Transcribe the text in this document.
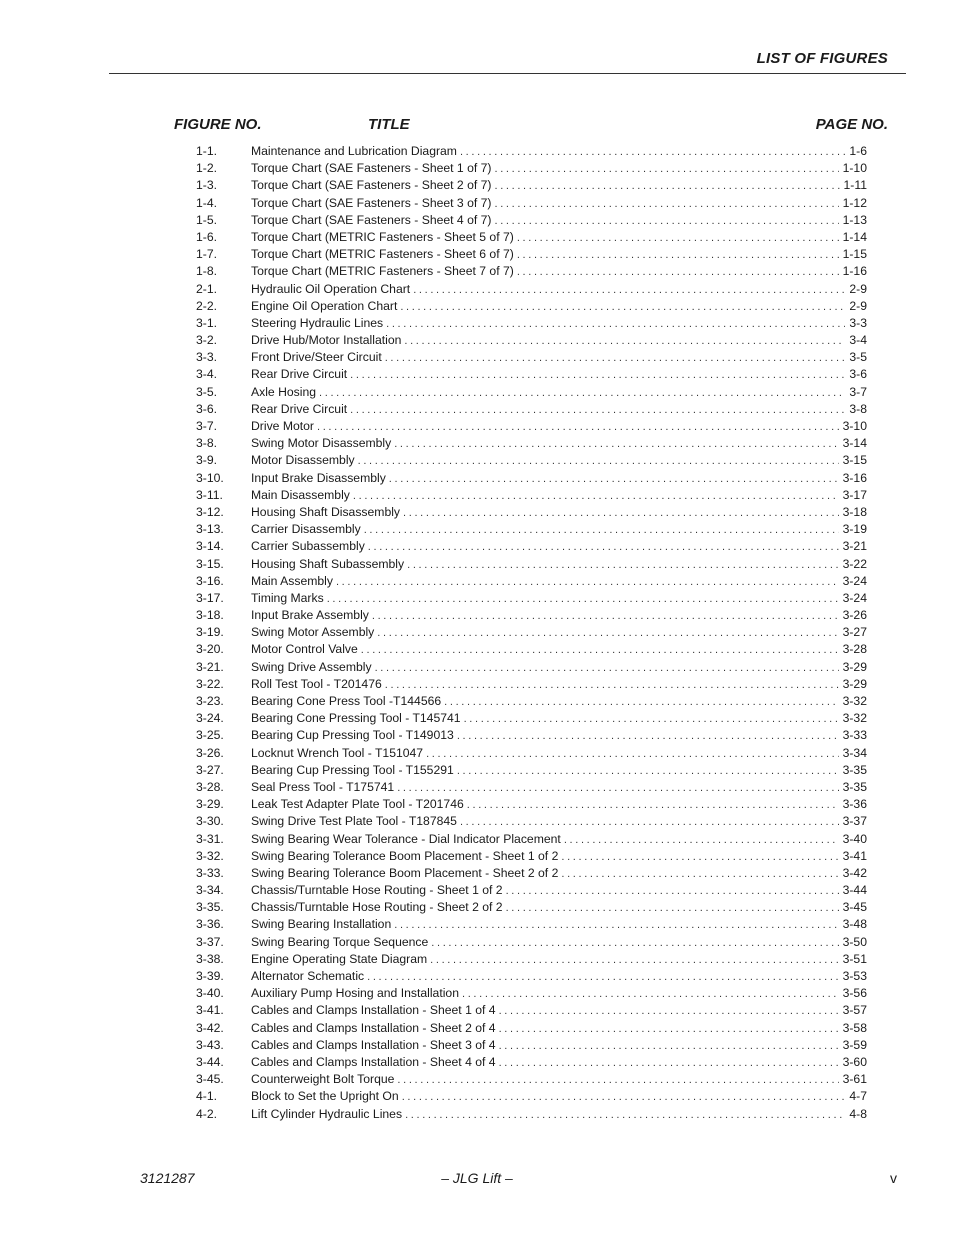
LIST OF FIGURES
FIGURE NO.	TITLE	PAGE NO.
1-1.	Maintenance and Lubrication Diagram . . .	1-6
1-2.	Torque Chart (SAE Fasteners - Sheet 1 of 7) . . .	1-10
1-3.	Torque Chart (SAE Fasteners - Sheet 2 of 7) . . .	1-11
1-4.	Torque Chart (SAE Fasteners - Sheet 3 of 7) . . .	1-12
1-5.	Torque Chart (SAE Fasteners - Sheet 4 of 7) . . .	1-13
1-6.	Torque Chart (METRIC Fasteners - Sheet 5 of 7) . . .	1-14
1-7.	Torque Chart (METRIC Fasteners - Sheet 6 of 7) . . .	1-15
1-8.	Torque Chart (METRIC Fasteners - Sheet 7 of 7) . . .	1-16
2-1.	Hydraulic Oil Operation Chart . . .	2-9
2-2.	Engine Oil Operation Chart . . .	2-9
3-1.	Steering Hydraulic Lines . . .	3-3
3-2.	Drive Hub/Motor Installation . . .	3-4
3-3.	Front Drive/Steer Circuit . . .	3-5
3-4.	Rear Drive Circuit . . .	3-6
3-5.	Axle Hosing . . .	3-7
3-6.	Rear Drive Circuit . . .	3-8
3-7.	Drive Motor . . .	3-10
3-8.	Swing Motor Disassembly . . .	3-14
3-9.	Motor Disassembly . . .	3-15
3-10. Input Brake Disassembly . . .	3-16
3-11. Main Disassembly . . .	3-17
3-12. Housing Shaft Disassembly . . .	3-18
3-13. Carrier Disassembly . . .	3-19
3-14. Carrier Subassembly . . .	3-21
3-15. Housing Shaft Subassembly . . .	3-22
3-16. Main Assembly . . .	3-24
3-17. Timing Marks . . .	3-24
3-18. Input Brake Assembly . . .	3-26
3-19. Swing Motor Assembly . . .	3-27
3-20. Motor Control Valve . . .	3-28
3-21. Swing Drive Assembly . . .	3-29
3-22. Roll Test Tool - T201476 . . .	3-29
3-23. Bearing Cone Press Tool -T144566 . . .	3-32
3-24. Bearing Cone Pressing Tool - T145741 . . .	3-32
3-25. Bearing Cup Pressing Tool - T149013 . . .	3-33
3-26. Locknut Wrench Tool - T151047 . . .	3-34
3-27. Bearing Cup Pressing Tool - T155291 . . .	3-35
3-28. Seal Press Tool - T175741 . . .	3-35
3-29. Leak Test Adapter Plate Tool - T201746 . . .	3-36
3-30. Swing Drive Test Plate Tool - T187845 . . .	3-37
3-31. Swing Bearing Wear Tolerance - Dial Indicator Placement . . .	3-40
3-32. Swing Bearing Tolerance Boom Placement - Sheet 1 of 2 . . .	3-41
3-33. Swing Bearing Tolerance Boom Placement - Sheet 2 of 2 . . .	3-42
3-34. Chassis/Turntable Hose Routing - Sheet 1 of 2 . . .	3-44
3-35. Chassis/Turntable Hose Routing - Sheet 2 of 2 . . .	3-45
3-36. Swing Bearing Installation . . .	3-48
3-37. Swing Bearing Torque Sequence . . .	3-50
3-38. Engine Operating State Diagram . . .	3-51
3-39. Alternator Schematic . . .	3-53
3-40. Auxiliary Pump Hosing and Installation . . .	3-56
3-41. Cables and Clamps Installation - Sheet 1 of 4 . . .	3-57
3-42. Cables and Clamps Installation - Sheet 2 of 4 . . .	3-58
3-43. Cables and Clamps Installation - Sheet 3 of 4 . . .	3-59
3-44. Cables and Clamps Installation - Sheet 4 of 4 . . .	3-60
3-45. Counterweight Bolt Torque . . .	3-61
4-1.	Block to Set the Upright On . . .	4-7
4-2.	Lift Cylinder Hydraulic Lines . . .	4-8
3121287	– JLG Lift –	v
